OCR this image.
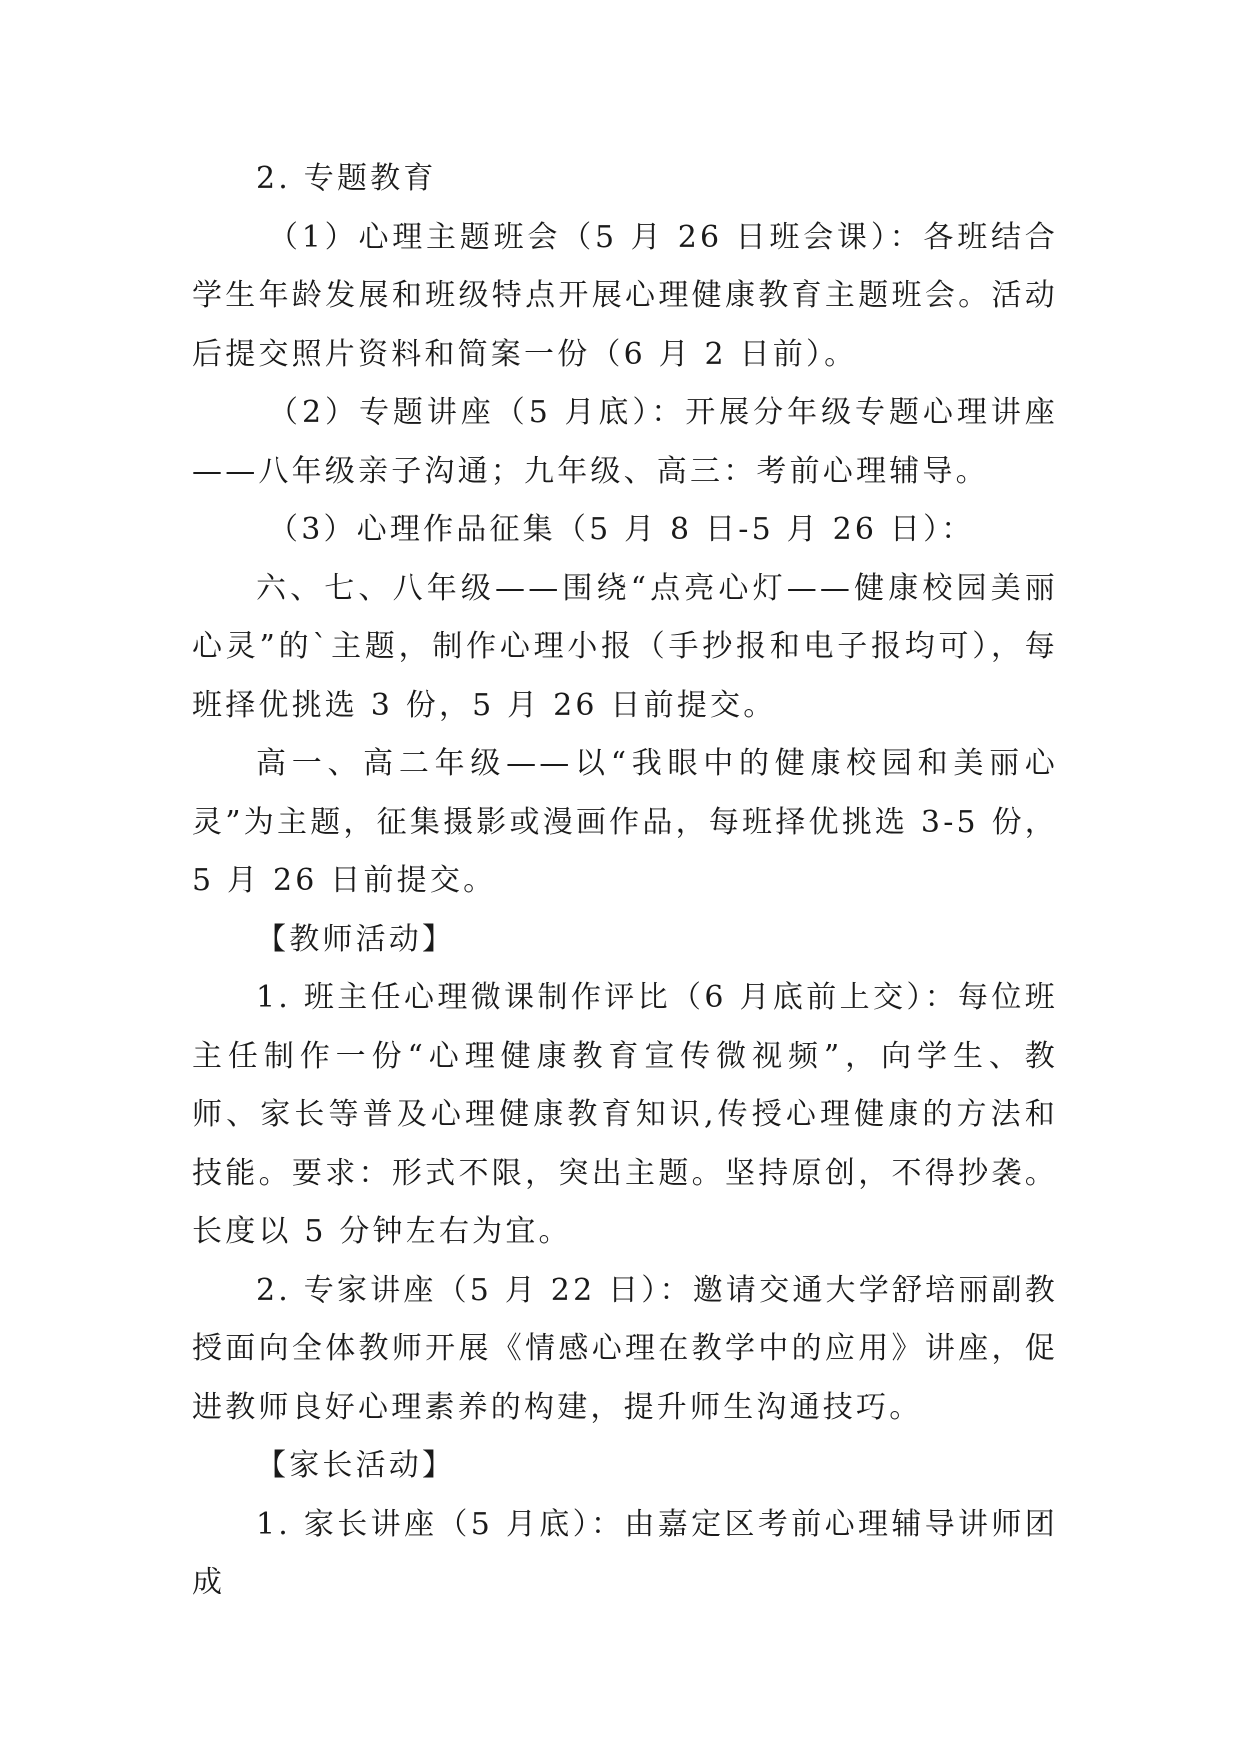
2. 专题教育

（1）心理主题班会（5 月 26 日班会课）：各班结合学生年龄发展和班级特点开展心理健康教育主题班会。活动后提交照片资料和简案一份（6 月 2 日前）。

（2）专题讲座（5 月底）：开展分年级专题心理讲座——八年级亲子沟通；九年级、高三：考前心理辅导。

（3）心理作品征集（5 月 8 日-5 月 26 日）：

六、七、八年级——围绕“点亮心灯——健康校园美丽心灵”的`主题，制作心理小报（手抄报和电子报均可），每班择优挑选 3 份，5 月 26 日前提交。

高一、高二年级——以“我眼中的健康校园和美丽心灵”为主题，征集摄影或漫画作品，每班择优挑选 3-5 份，5 月 26 日前提交。

【教师活动】

1. 班主任心理微课制作评比（6 月底前上交）：每位班主任制作一份“心理健康教育宣传微视频”，向学生、教师、家长等普及心理健康教育知识,传授心理健康的方法和技能。要求：形式不限，突出主题。坚持原创，不得抄袭。长度以 5 分钟左右为宜。

2. 专家讲座（5 月 22 日）：邀请交通大学舒培丽副教授面向全体教师开展《情感心理在教学中的应用》讲座，促进教师良好心理素养的构建，提升师生沟通技巧。

【家长活动】

1. 家长讲座（5 月底）：由嘉定区考前心理辅导讲师团成
